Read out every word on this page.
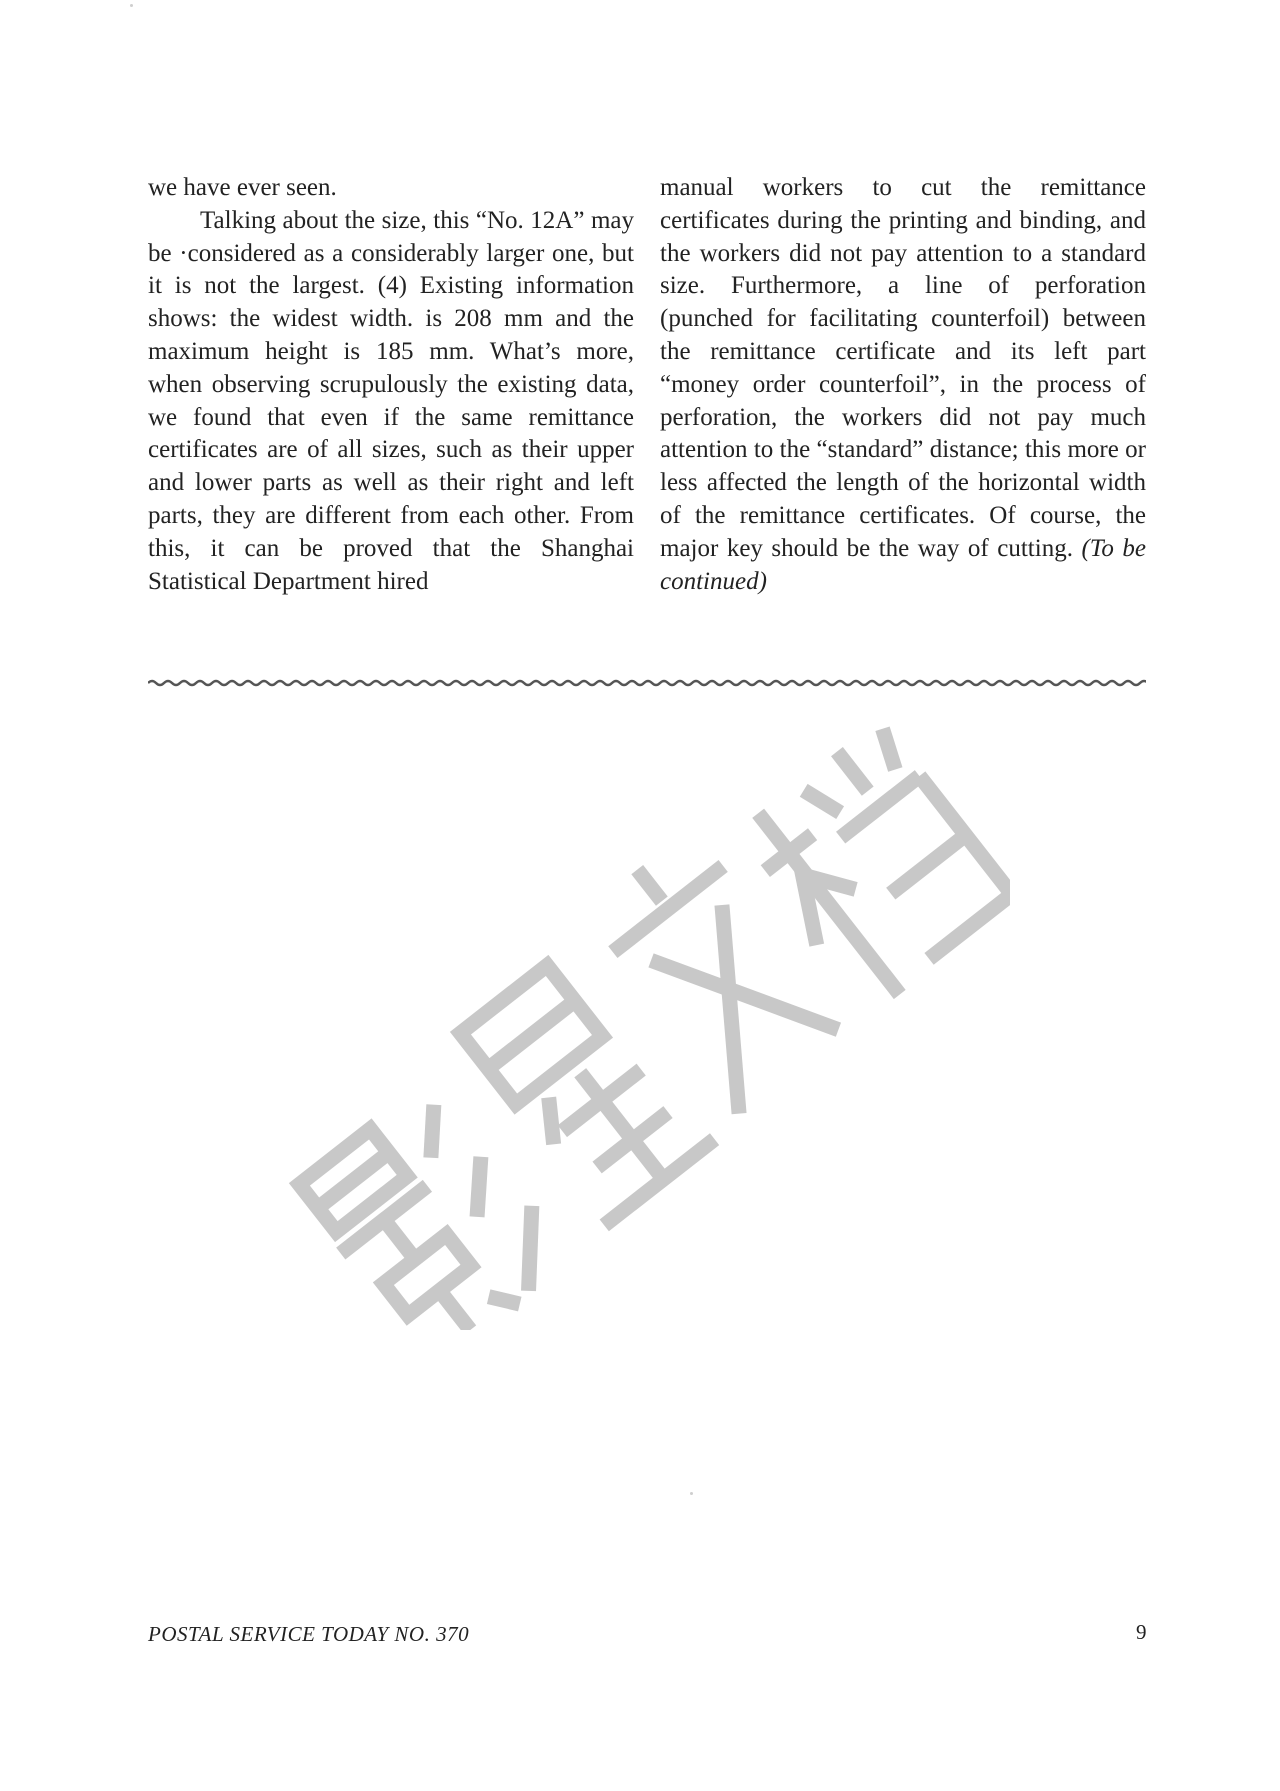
we have ever seen.

Talking about the size, this “No. 12A” may be ·considered as a considerably larger one, but it is not the largest. (4) Existing information shows: the widest width. is 208 mm and the maximum height is 185 mm. What’s more, when observing scrupulously the existing data, we found that even if the same remittance certificates are of all sizes, such as their upper and lower parts as well as their right and left parts, they are different from each other. From this, it can be proved that the Shanghai Statistical Department hired

manual workers to cut the remittance certificates during the printing and binding, and the workers did not pay attention to a standard size. Furthermore, a line of perforation (punched for facilitating counterfoil) between the remittance certificate and its left part “money order counterfoil”, in the process of perforation, the workers did not pay much attention to the “standard” distance; this more or less affected the length of the horizontal width of the remittance certificates. Of course, the major key should be the way of cutting. (To be continued)

POSTAL SERVICE TODAY NO. 370	9
